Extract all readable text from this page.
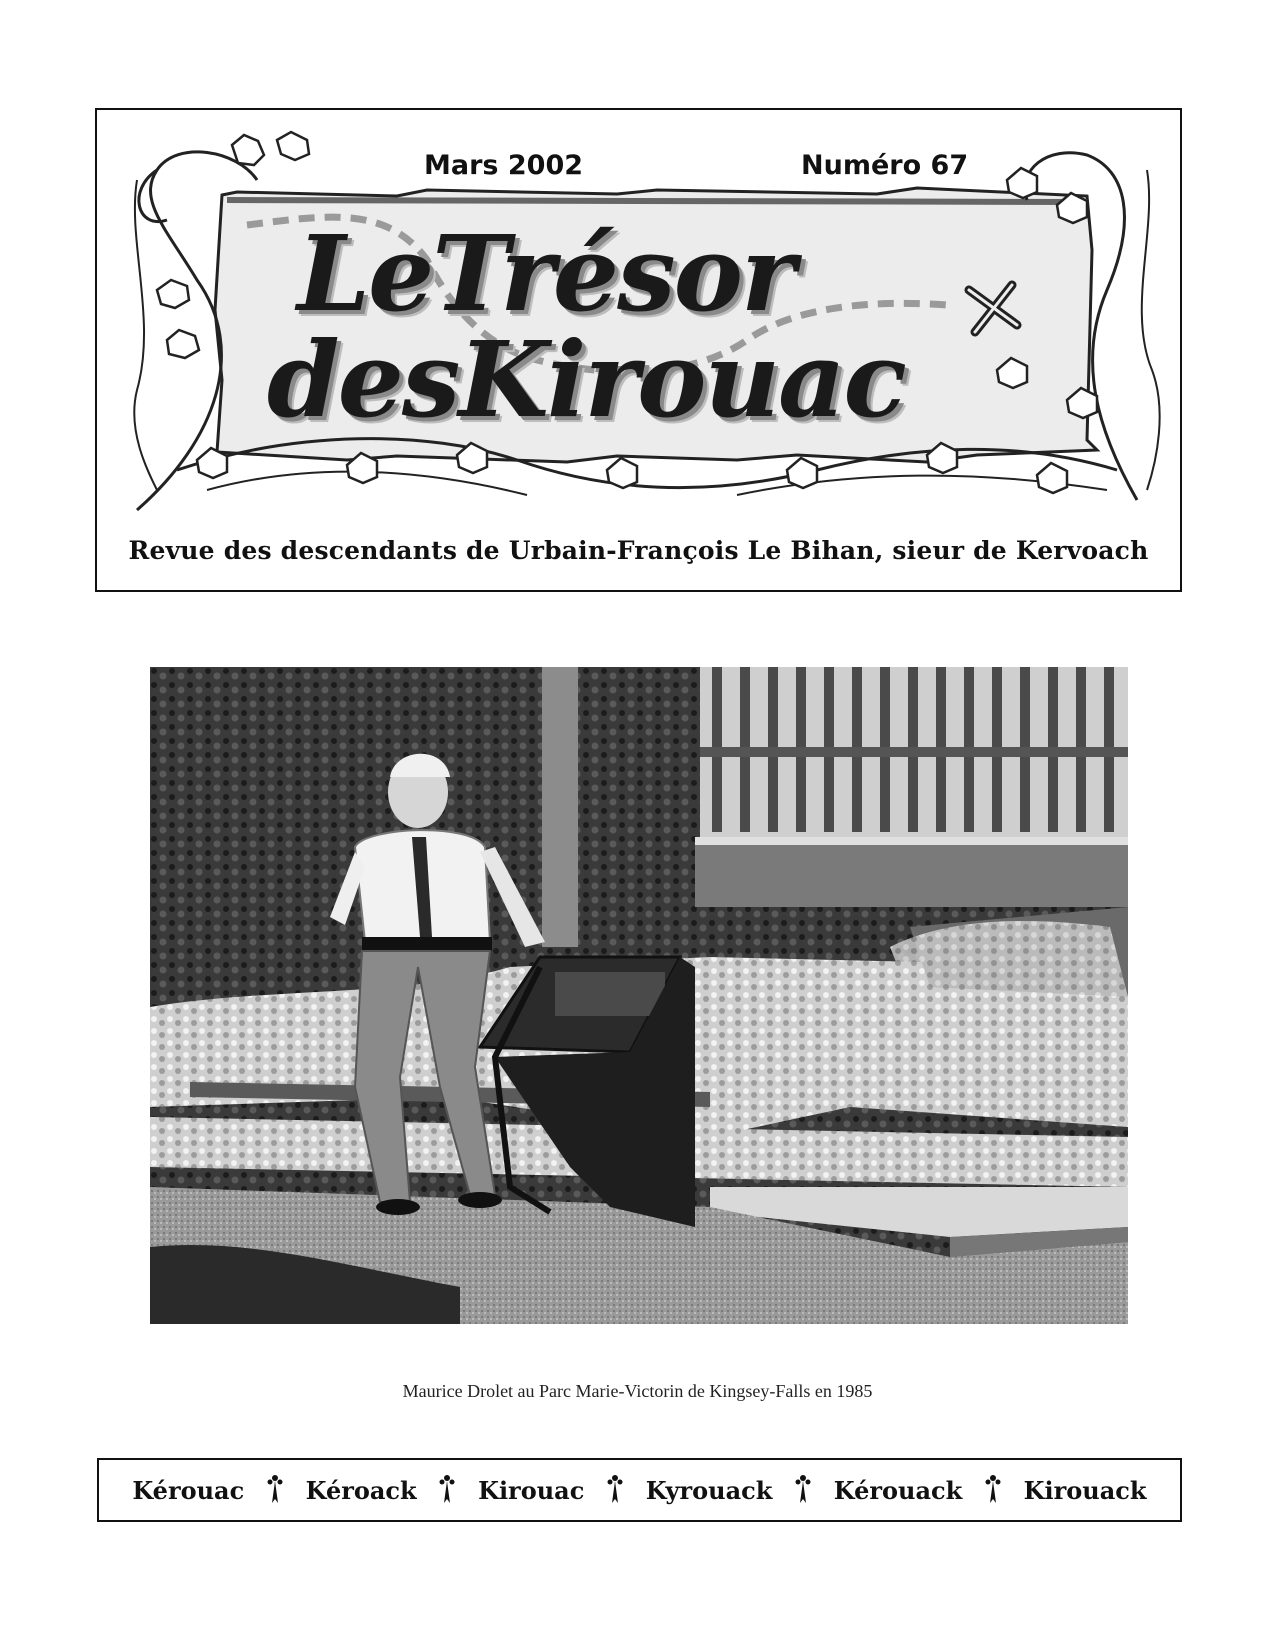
Mars 2002	Numéro 67
LeTrésor
desKirouac
Revue des descendants de Urbain-François Le Bihan, sieur de Kervoach
Maurice Drolet au Parc Marie-Victorin de Kingsey-Falls en 1985
Kérouac	Kéroack	Kirouac	Kyrouack	Kérouack	Kirouack
